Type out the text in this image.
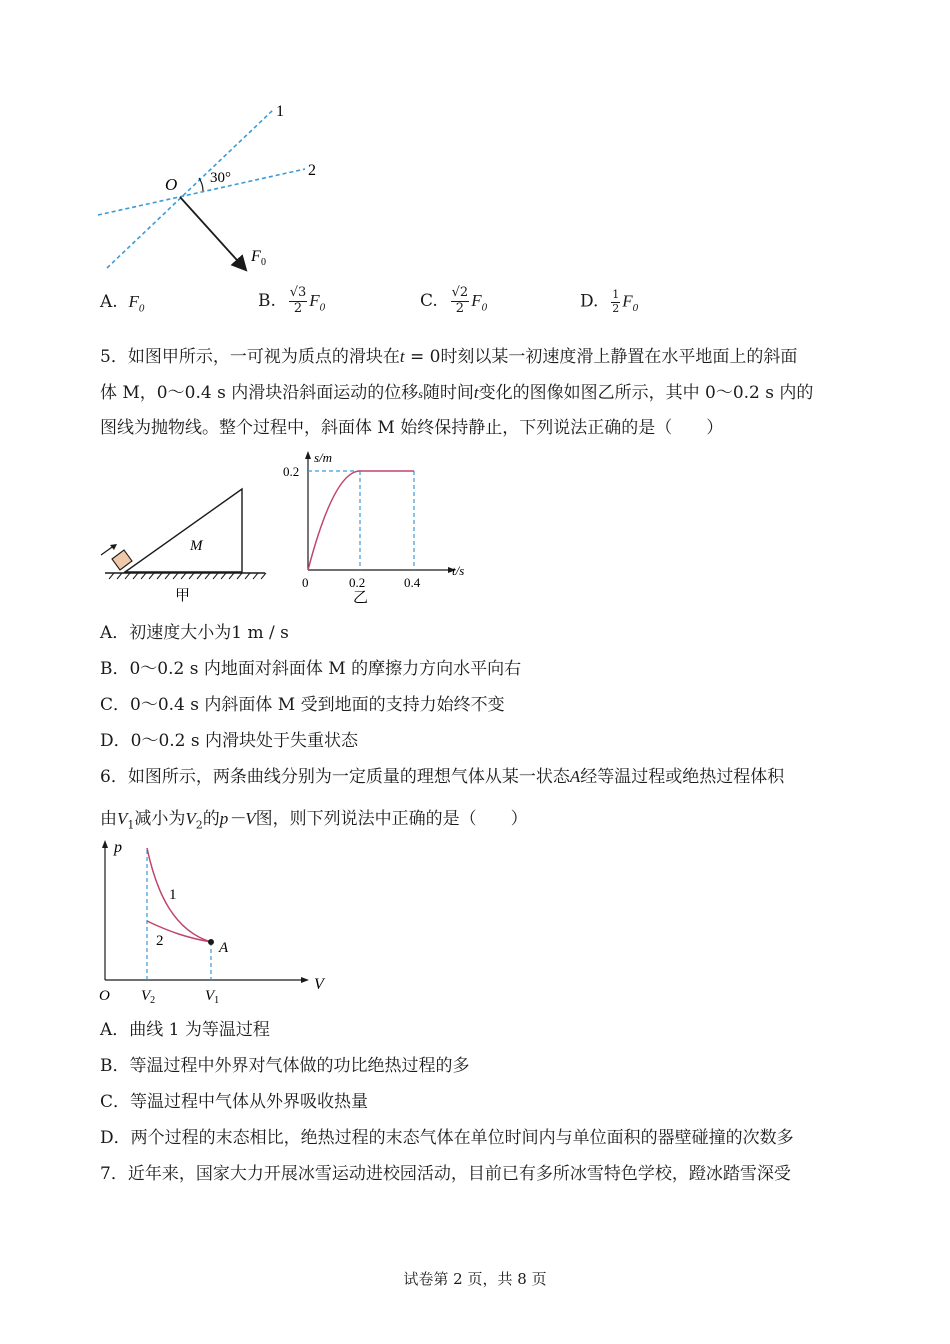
1
2
O 30°
F 0
A. $F_0$	B. $\frac{√3}{2} F_0$	C. $\frac{√2}{2} F_0$	D. $\frac{1}{2} F_0$
5．如图甲所示，一可视为质点的滑块在t = 0时刻以某一初速度滑上静置在水平地面上的斜面
体 M，0～0.4 s 内滑块沿斜面运动的位移s随时间t变化的图像如图乙所示，其中 0～0.2 s 内的
图线为抛物线。整个过程中，斜面体 M 始终保持静止，下列说法正确的是（　　）
M
甲
s/m
t/s
0.2
0	0.2	0.4
乙
A．初速度大小为1 m / s
B．0～0.2 s 内地面对斜面体 M 的摩擦力方向水平向右
C．0～0.4 s 内斜面体 M 受到地面的支持力始终不变
D．0～0.2 s 内滑块处于失重状态
6．如图所示，两条曲线分别为一定质量的理想气体从某一状态A经等温过程或绝热过程体积
由$V_1$减小为$V_2$的p－V图，则下列说法中正确的是（　　）
p
V
O $V_2$	$V_1$
1
2	A
A．曲线 1 为等温过程
B．等温过程中外界对气体做的功比绝热过程的多
C．等温过程中气体从外界吸收热量
D．两个过程的末态相比，绝热过程的末态气体在单位时间内与单位面积的器壁碰撞的次数多
7．近年来，国家大力开展冰雪运动进校园活动，目前已有多所冰雪特色学校，蹬冰踏雪深受
试卷第 2 页，共 8 页
